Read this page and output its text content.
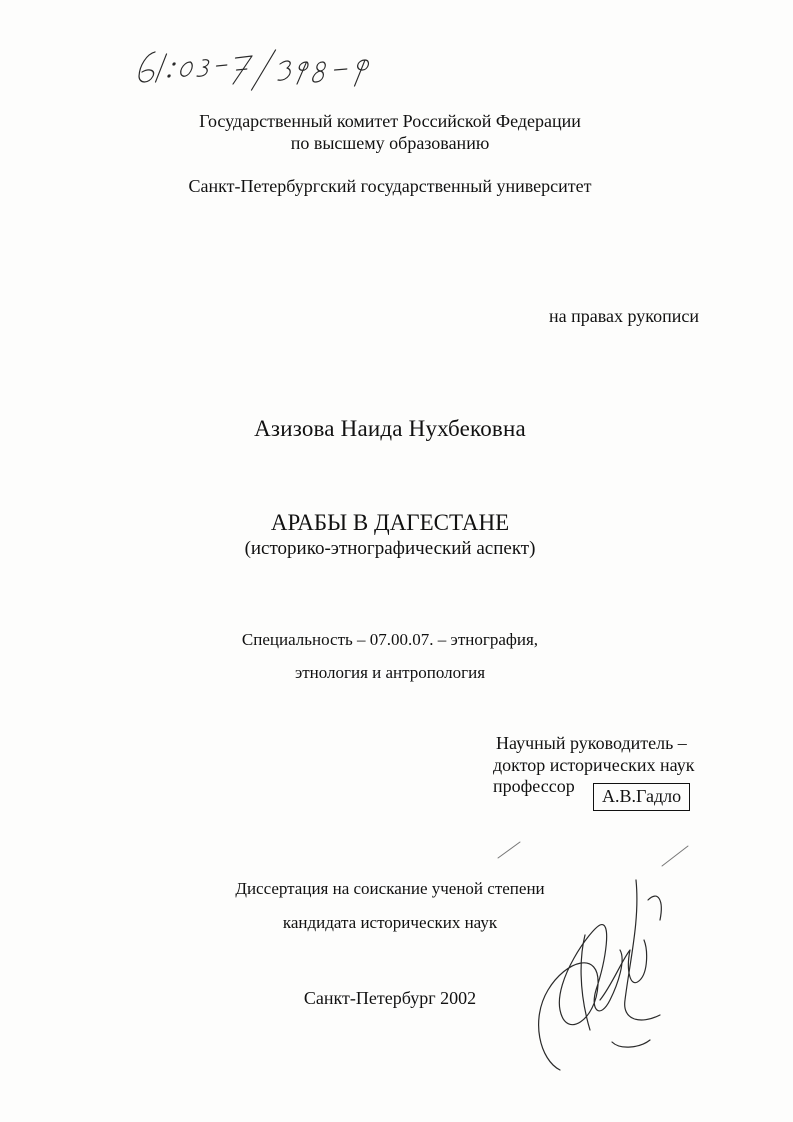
Государственный комитет Российской Федерации
по высшему образованию
Санкт-Петербургский государственный университет
на правах рукописи
Азизова Наида Нухбековна
АРАБЫ В ДАГЕСТАНЕ
(историко-этнографический аспект)
Специальность – 07.00.07. – этнография,
этнология и антропология
Научный руководитель –
доктор исторических наук
профессор	А.В.Гадло
Диссертация на соискание ученой степени
кандидата исторических наук
Санкт-Петербург 2002
